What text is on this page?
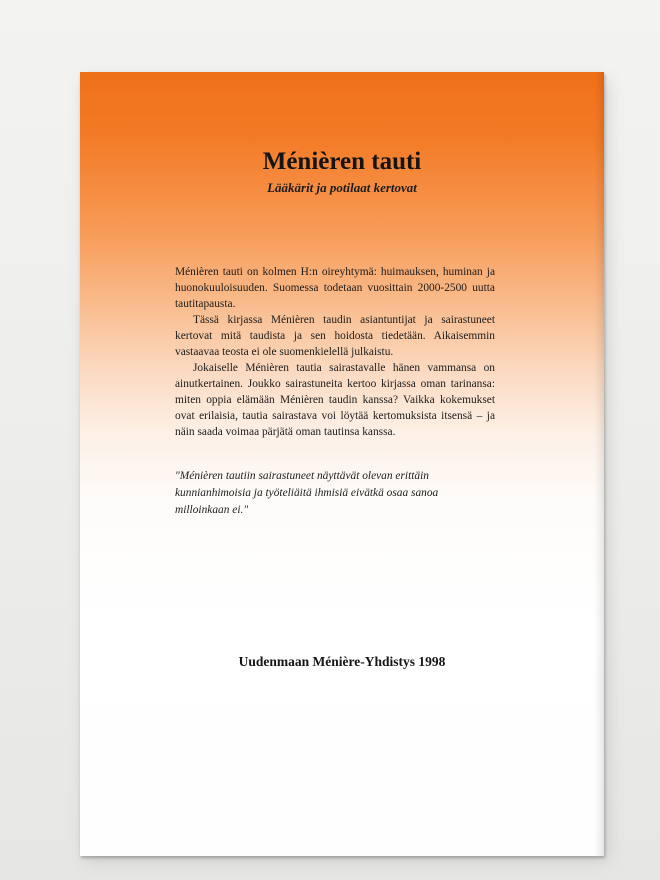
Ménièren tauti
Lääkärit ja potilaat kertovat

Ménièren tauti on kolmen H:n oireyhtymä: huimauksen, huminan ja huonokuuloisuuden. Suomessa todetaan vuosittain 2000-2500 uutta tautitapausta.

Tässä kirjassa Ménièren taudin asiantuntijat ja sairastuneet kertovat mitä taudista ja sen hoidosta tiedetään. Aikaisemmin vastaavaa teosta ei ole suomenkielellä julkaistu.

Jokaiselle Ménièren tautia sairastavalle hänen vammansa on ainutkertainen. Joukko sairastuneita kertoo kirjassa oman tarinansa: miten oppia elämään Ménièren taudin kanssa? Vaikka kokemukset ovat erilaisia, tautia sairastava voi löytää kertomuksista itsensä – ja näin saada voimaa pärjätä oman tautinsa kanssa.

"Ménièren tautiin sairastuneet näyttävät olevan erittäin kunnianhimoisia ja työteliäitä ihmisiä eivätkä osaa sanoa milloinkaan ei."
Uudenmaan Ménière-Yhdistys 1998
